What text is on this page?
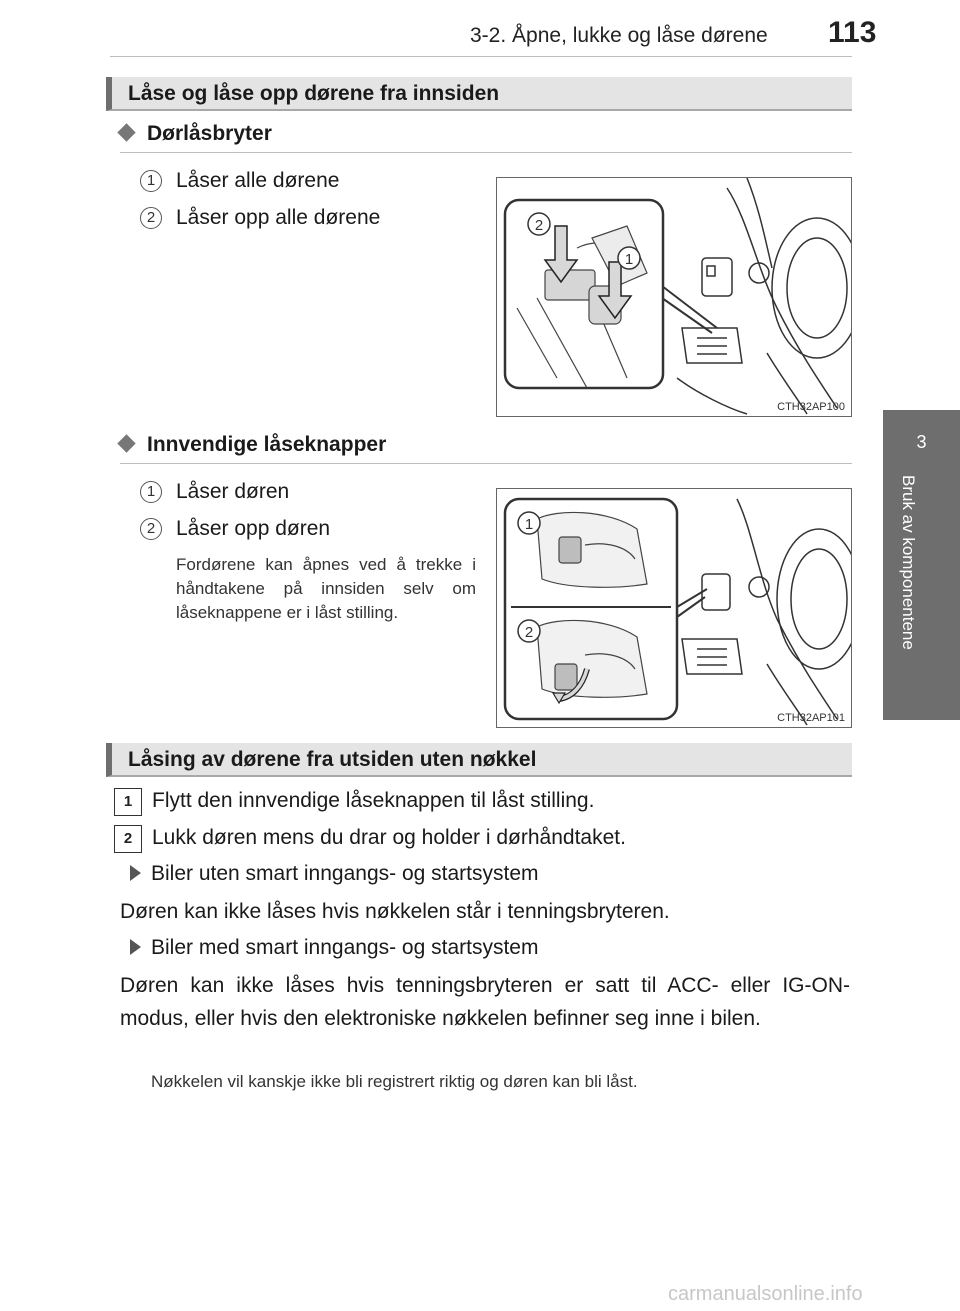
3-2. Åpne, lukke og låse dørene 113
3
Bruk av komponentene
Låse og låse opp dørene fra innsiden
Dørlåsbryter
1 Låser alle dørene
2 Låser opp alle dørene	2
1
CTH32AP100
Innvendige låseknapper
1 Låser døren
2 Låser opp døren
Fordørene kan åpnes ved å trekke i håndtakene på innsiden selv om låseknappene er i låst stilling.
1
2
CTH32AP101
Låsing av dørene fra utsiden uten nøkkel
1 Flytt den innvendige låseknappen til låst stilling.
2 Lukk døren mens du drar og holder i dørhåndtaket.
Biler uten smart inngangs- og startsystem
Døren kan ikke låses hvis nøkkelen står i tenningsbryteren.
Biler med smart inngangs- og startsystem
Døren kan ikke låses hvis tenningsbryteren er satt til ACC- eller IG-ON-modus, eller hvis den elektroniske nøkkelen befinner seg inne i bilen.
Nøkkelen vil kanskje ikke bli registrert riktig og døren kan bli låst.
carmanualsonline.info
